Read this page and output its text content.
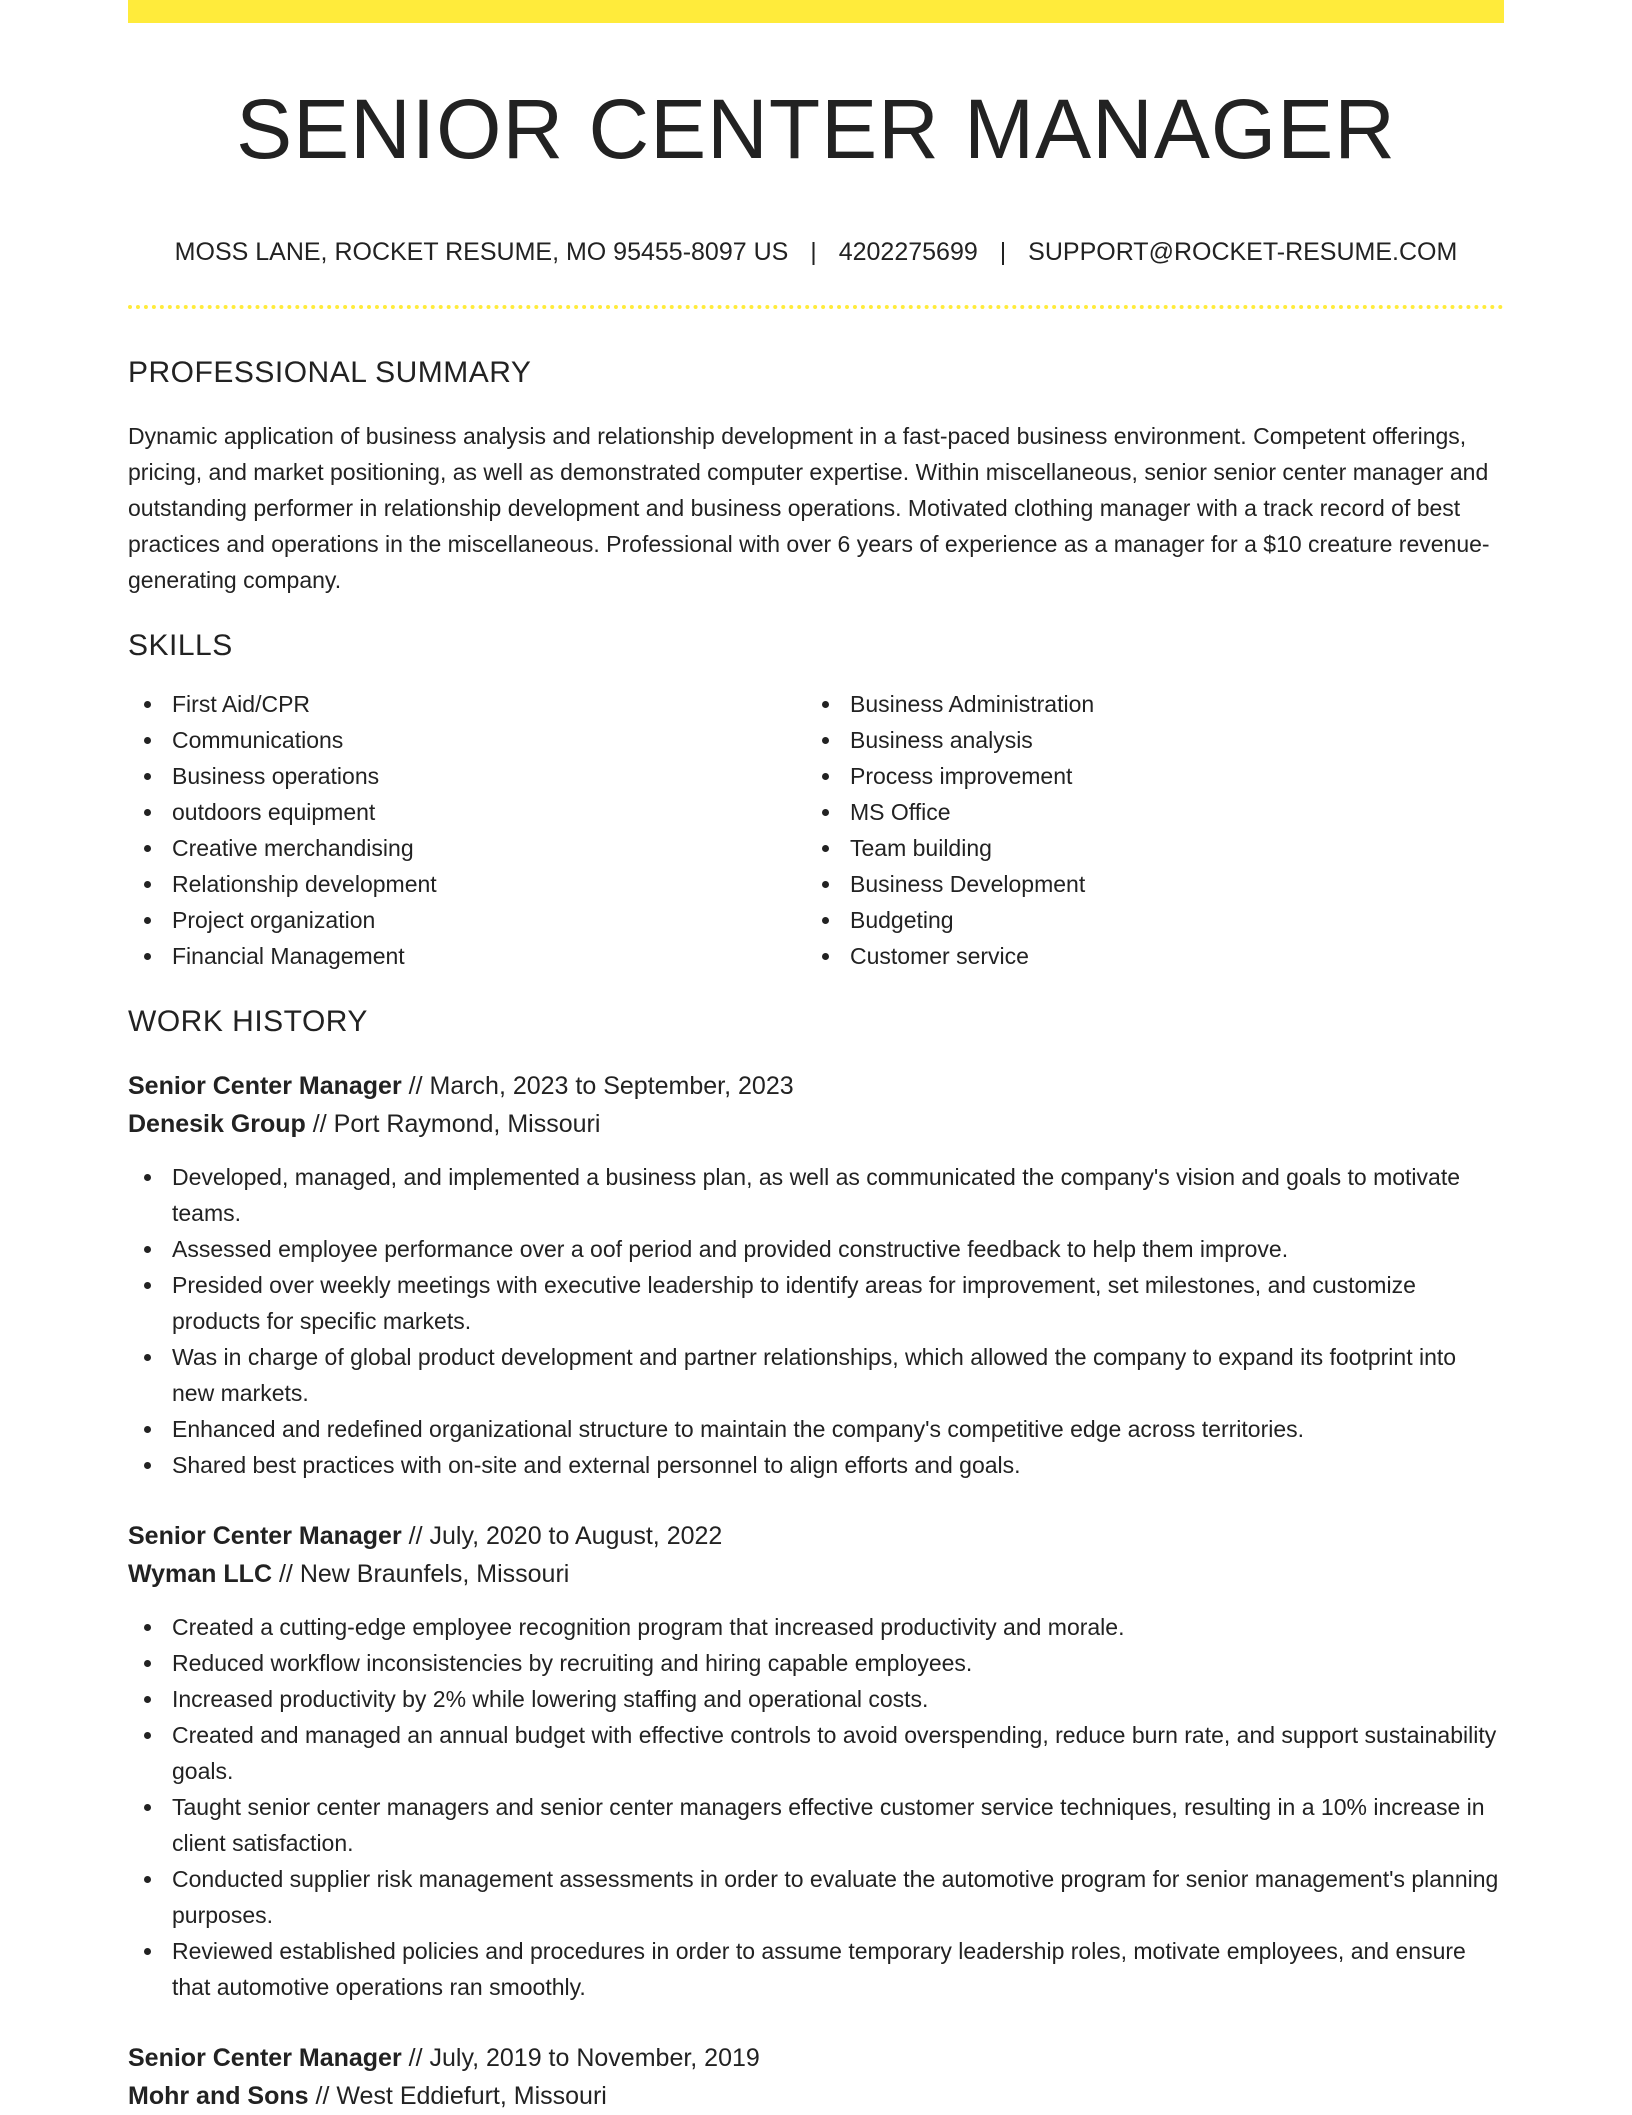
SENIOR CENTER MANAGER
MOSS LANE, ROCKET RESUME, MO 95455-8097 US | 4202275699 | SUPPORT@ROCKET-RESUME.COM
PROFESSIONAL SUMMARY

Dynamic application of business analysis and relationship development in a fast-paced business environment. Competent offerings, pricing, and market positioning, as well as demonstrated computer expertise. Within miscellaneous, senior senior center manager and outstanding performer in relationship development and business operations. Motivated clothing manager with a track record of best practices and operations in the miscellaneous. Professional with over 6 years of experience as a manager for a $10 creature revenue-generating company.

SKILLS
First Aid/CPR
Communications
Business operations
outdoors equipment
Creative merchandising
Relationship development
Project organization
Financial Management
Business Administration
Business analysis
Process improvement
MS Office
Team building
Business Development
Budgeting
Customer service
WORK HISTORY
Senior Center Manager // March, 2023 to September, 2023
Denesik Group // Port Raymond, Missouri
Developed, managed, and implemented a business plan, as well as communicated the company's vision and goals to motivate teams.
Assessed employee performance over a oof period and provided constructive feedback to help them improve.
Presided over weekly meetings with executive leadership to identify areas for improvement, set milestones, and customize products for specific markets.
Was in charge of global product development and partner relationships, which allowed the company to expand its footprint into new markets.
Enhanced and redefined organizational structure to maintain the company's competitive edge across territories.
Shared best practices with on-site and external personnel to align efforts and goals.
Senior Center Manager // July, 2020 to August, 2022
Wyman LLC // New Braunfels, Missouri
Created a cutting-edge employee recognition program that increased productivity and morale.
Reduced workflow inconsistencies by recruiting and hiring capable employees.
Increased productivity by 2% while lowering staffing and operational costs.
Created and managed an annual budget with effective controls to avoid overspending, reduce burn rate, and support sustainability goals.
Taught senior center managers and senior center managers effective customer service techniques, resulting in a 10% increase in client satisfaction.
Conducted supplier risk management assessments in order to evaluate the automotive program for senior management's planning purposes.
Reviewed established policies and procedures in order to assume temporary leadership roles, motivate employees, and ensure that automotive operations ran smoothly.
Senior Center Manager // July, 2019 to November, 2019
Mohr and Sons // West Eddiefurt, Missouri
